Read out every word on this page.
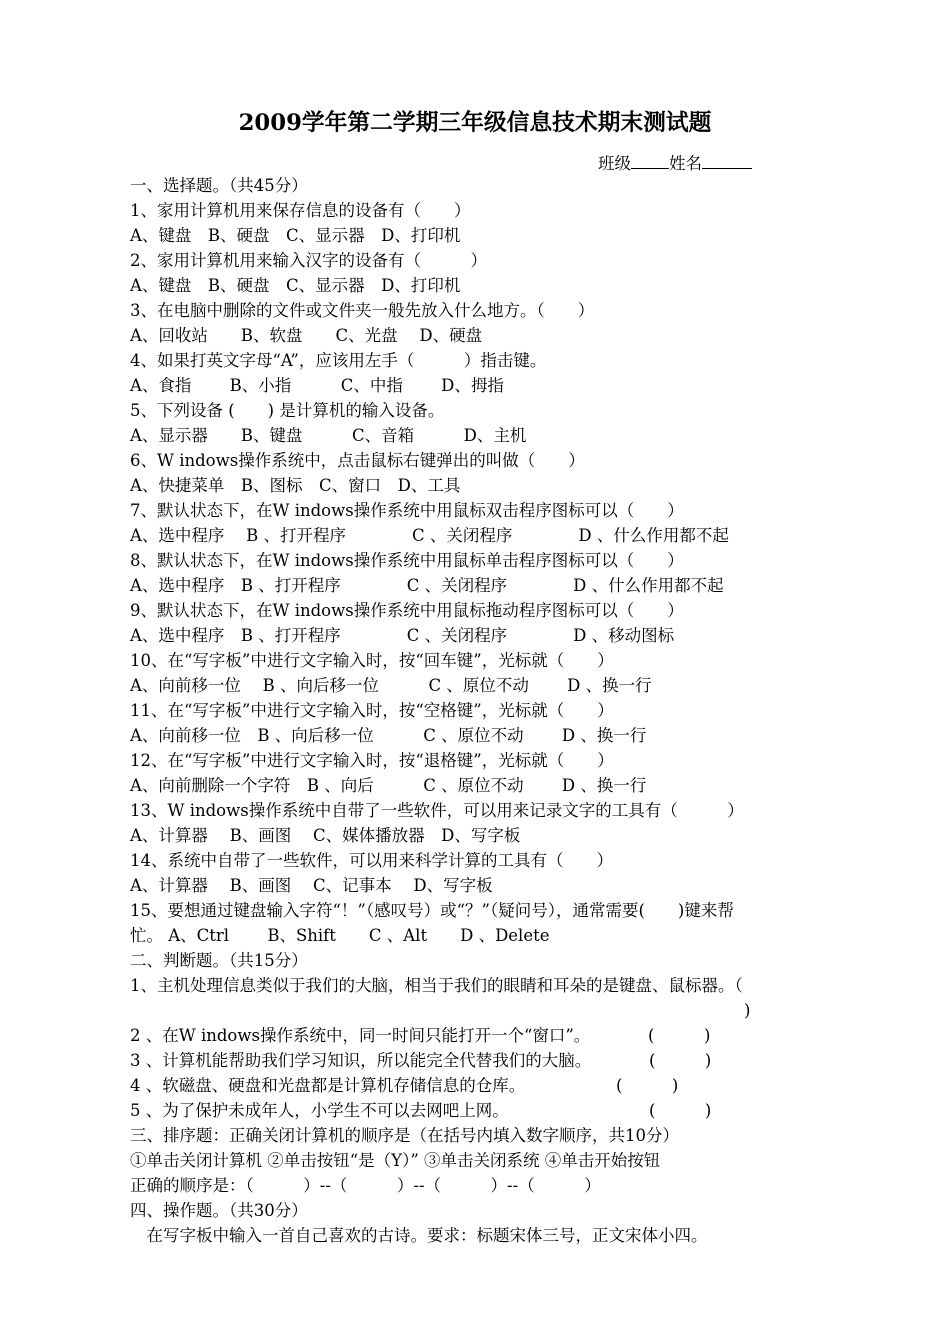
2009学年第二学期三年级信息技术期末测试题
班级 姓名
一、选择题。（共45分）
1、家用计算机用来保存信息的设备有（　　）
A、键盘　B、硬盘　C、显示器　D、打印机
2、家用计算机用来输入汉字的设备有（　　　）
A、键盘　B、硬盘　C、显示器　D、打印机
3、在电脑中删除的文件或文件夹一般先放入什么地方。（　　）
A、回收站　　B、软盘　　C、光盘　 D、硬盘
4、如果打英文字母“A”，应该用左手（　　　）指击键。
A、食指　　 B、小指　　　C、中指　　 D、拇指
5、下列设备 (　　) 是计算机的输入设备。
A、显示器　　B、键盘　　　C、音箱　　　D、主机
6、W indows操作系统中，点击鼠标右键弹出的叫做（　　）
A、快捷菜单　B、图标　C、窗口　D、工具
7、默认状态下，在W indows操作系统中用鼠标双击程序图标可以（　　）
A、选中程序　 B 、打开程序　　　　C 、关闭程序　　　　D 、什么作用都不起
8、默认状态下，在W indows操作系统中用鼠标单击程序图标可以（　　）
A、选中程序　B 、打开程序　　　　C 、关闭程序　　　　D 、什么作用都不起
9、默认状态下，在W indows操作系统中用鼠标拖动程序图标可以（　　）
A、选中程序　B 、打开程序　　　　C 、关闭程序　　　　D 、移动图标
10、在“写字板”中进行文字输入时，按“回车键”，光标就（　　）
A、向前移一位　 B 、向后移一位　　　C 、原位不动　　 D 、换一行
11、在“写字板”中进行文字输入时，按“空格键”，光标就（　　）
A、向前移一位　B 、向后移一位　　　C 、原位不动　　 D 、换一行
12、在“写字板”中进行文字输入时，按“退格键”，光标就（　　）
A、向前删除一个字符　B 、向后　　　C 、原位不动　　 D 、换一行
13、W indows操作系统中自带了一些软件，可以用来记录文字的工具有（　　　）
A、计算器　 B、画图　 C、媒体播放器　D、写字板
14、系统中自带了一些软件，可以用来科学计算的工具有（　　）
A、计算器　 B、画图　 C、记事本　 D、写字板
15、要想通过键盘输入字符“！”（感叹号）或“？”（疑问号），通常需要(　　)键来帮
忙。 A、Ctrl　　 B、Shift　　C 、Alt　　D 、Delete
二、判断题。（共15分）
1、主机处理信息类似于我们的大脑，相当于我们的眼睛和耳朵的是键盘、鼠标器。（
)
2 、在W indows操作系统中，同一时间只能打开一个“窗口”。　　　　(　　　)
3 、计算机能帮助我们学习知识，所以能完全代替我们的大脑。　　　　(　　　)
4 、软磁盘、硬盘和光盘都是计算机存储信息的仓库。　　　　　　(　　　)
5 、为了保护未成年人，小学生不可以去网吧上网。　　　　　　　　　(　　　)
三、排序题：正确关闭计算机的顺序是（在括号内填入数字顺序，共10分）
①单击关闭计算机 ②单击按钮“是（Y）” ③单击关闭系统 ④单击开始按钮
正确的顺序是：（　　　）--（　　　）--（　　　）--（　　　）
四、操作题。（共30分）
　在写字板中输入一首自己喜欢的古诗。要求：标题宋体三号，正文宋体小四。
